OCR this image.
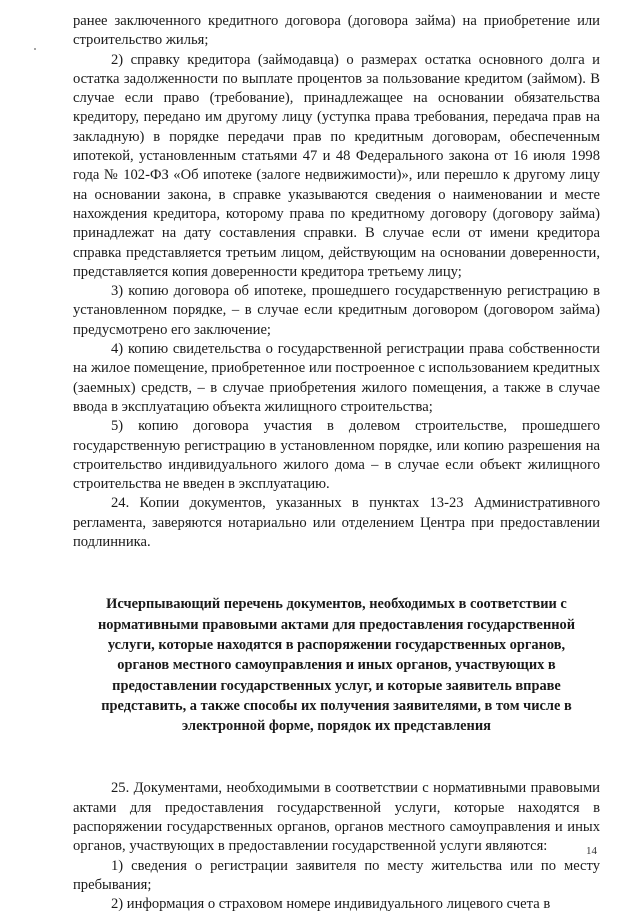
ранее заключенного кредитного договора (договора займа) на приобретение или строительство жилья;

2) справку кредитора (займодавца) о размерах остатка основного долга и остатка задолженности по выплате процентов за пользование кредитом (займом). В случае если право (требование), принадлежащее на основании обязательства кредитору, передано им другому лицу (уступка права требования, передача прав на закладную) в порядке передачи прав по кредитным договорам, обеспеченным ипотекой, установленным статьями 47 и 48 Федерального закона от 16 июля 1998 года № 102-ФЗ «Об ипотеке (залоге недвижимости)», или перешло к другому лицу на основании закона, в справке указываются сведения о наименовании и месте нахождения кредитора, которому права по кредитному договору (договору займа) принадлежат на дату составления справки. В случае если от имени кредитора справка представляется третьим лицом, действующим на основании доверенности, представляется копия доверенности кредитора третьему лицу;

3) копию договора об ипотеке, прошедшего государственную регистрацию в установленном порядке, – в случае если кредитным договором (договором займа) предусмотрено его заключение;

4) копию свидетельства о государственной регистрации права собственности на жилое помещение, приобретенное или построенное с использованием кредитных (заемных) средств, – в случае приобретения жилого помещения, а также в случае ввода в эксплуатацию объекта жилищного строительства;

5) копию договора участия в долевом строительстве, прошедшего государственную регистрацию в установленном порядке, или копию разрешения на строительство индивидуального жилого дома – в случае если объект жилищного строительства не введен в эксплуатацию.

24. Копии документов, указанных в пунктах 13-23 Административного регламента, заверяются нотариально или отделением Центра при предоставлении подлинника.

Исчерпывающий перечень документов, необходимых в соответствии с нормативными правовыми актами для предоставления государственной услуги, которые находятся в распоряжении государственных органов, органов местного самоуправления и иных органов, участвующих в предоставлении государственных услуг, и которые заявитель вправе представить, а также способы их получения заявителями, в том числе в электронной форме, порядок их представления

25. Документами, необходимыми в соответствии с нормативными правовыми актами для предоставления государственной услуги, которые находятся в распоряжении государственных органов, органов местного самоуправления и иных органов, участвующих в предоставлении государственной услуги являются:

1) сведения о регистрации заявителя по месту жительства или по месту пребывания;

2) информация о страховом номере индивидуального лицевого счета в

14
